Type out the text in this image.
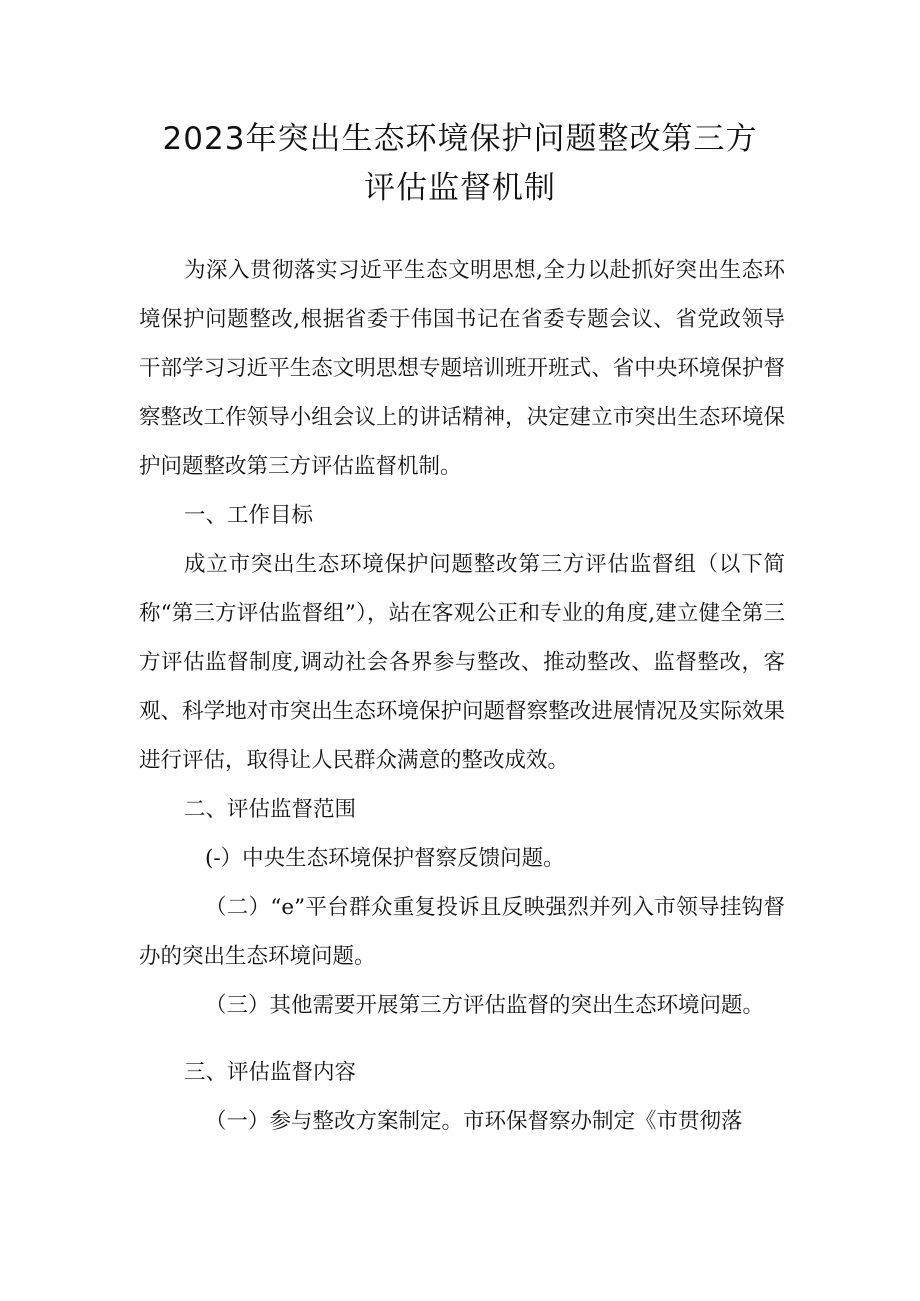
2023年突出生态环境保护问题整改第三方
评估监督机制

为深入贯彻落实习近平生态文明思想,全力以赴抓好突出生态环境保护问题整改,根据省委于伟国书记在省委专题会议、省党政领导干部学习习近平生态文明思想专题培训班开班式、省中央环境保护督察整改工作领导小组会议上的讲话精神，决定建立市突出生态环境保护问题整改第三方评估监督机制。

一、工作目标

成立市突出生态环境保护问题整改第三方评估监督组（以下简称“第三方评估监督组”），站在客观公正和专业的角度,建立健全第三方评估监督制度,调动社会各界参与整改、推动整改、监督整改，客观、科学地对市突出生态环境保护问题督察整改进展情况及实际效果进行评估，取得让人民群众满意的整改成效。

二、评估监督范围

(-）中央生态环境保护督察反馈问题。

（二）“e”平台群众重复投诉且反映强烈并列入市领导挂钩督办的突出生态环境问题。

（三）其他需要开展第三方评估监督的突出生态环境问题。

三、评估监督内容

（一）参与整改方案制定。市环保督察办制定《市贯彻落
